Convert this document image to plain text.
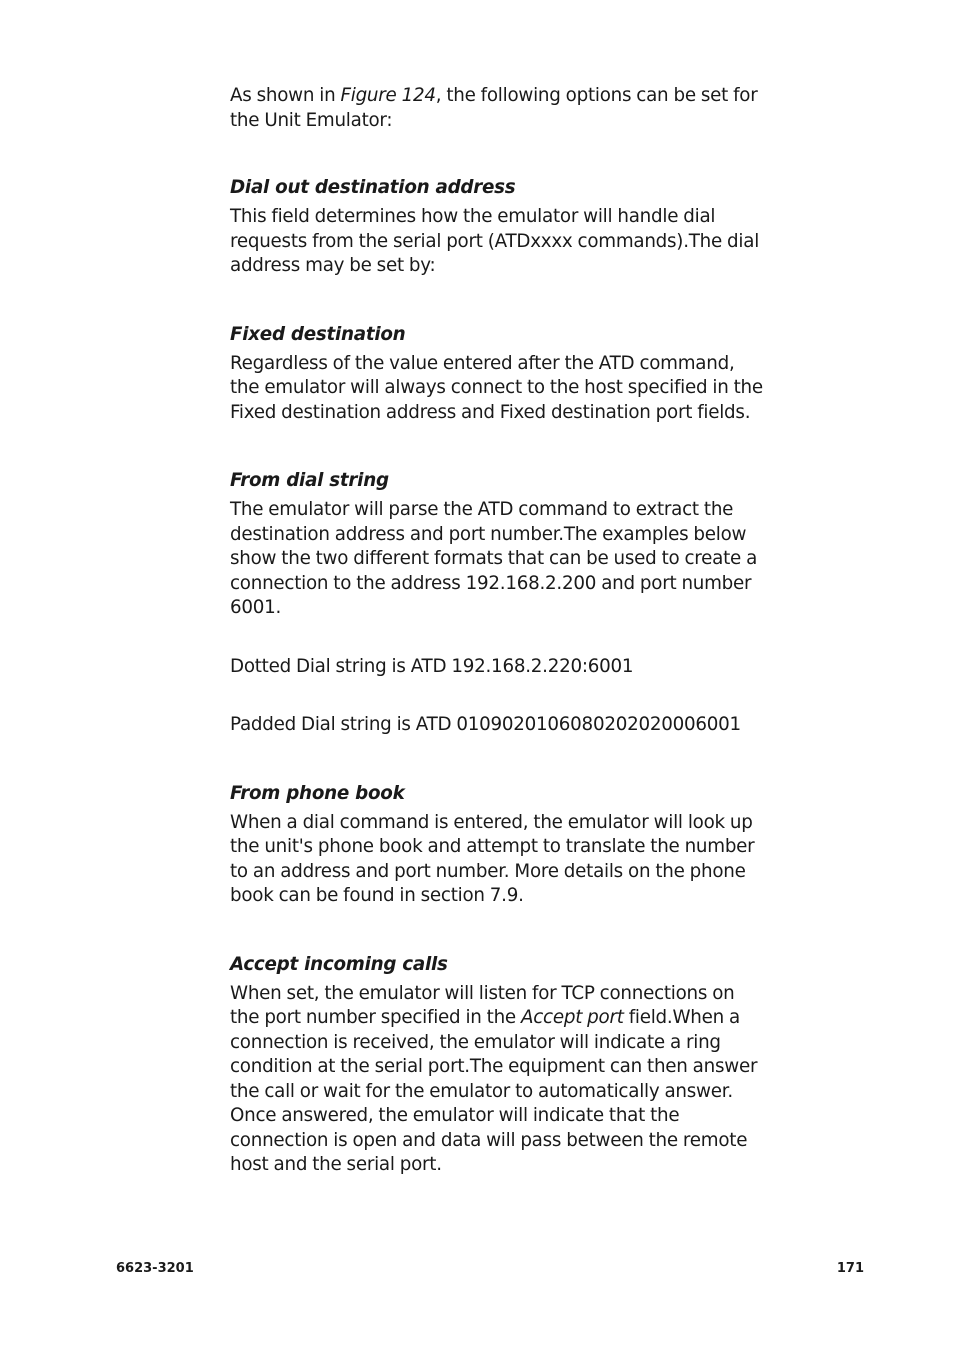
As shown in Figure 124, the following options can be set for the Unit Emulator:

Dial out destination address

This field determines how the emulator will handle dial requests from the serial port (ATDxxxx commands).The dial address may be set by:

Fixed destination

Regardless of the value entered after the ATD command, the emulator will always connect to the host specified in the Fixed destination address and Fixed destination port fields.

From dial string

The emulator will parse the ATD command to extract the destination address and port number.The examples below show the two different formats that can be used to create a connection to the address 192.168.2.200 and port number 6001.

Dotted Dial string is ATD 192.168.2.220:6001

Padded Dial string is ATD 0109020106080202020006001

From phone book

When a dial command is entered, the emulator will look up the unit's phone book and attempt to translate the number to an address and port number. More details on the phone book can be found in section 7.9.

Accept incoming calls

When set, the emulator will listen for TCP connections on the port number specified in the Accept port field.When a connection is received, the emulator will indicate a ring condition at the serial port.The equipment can then answer the call or wait for the emulator to automatically answer. Once answered, the emulator will indicate that the connection is open and data will pass between the remote host and the serial port.

6623-3201	171
